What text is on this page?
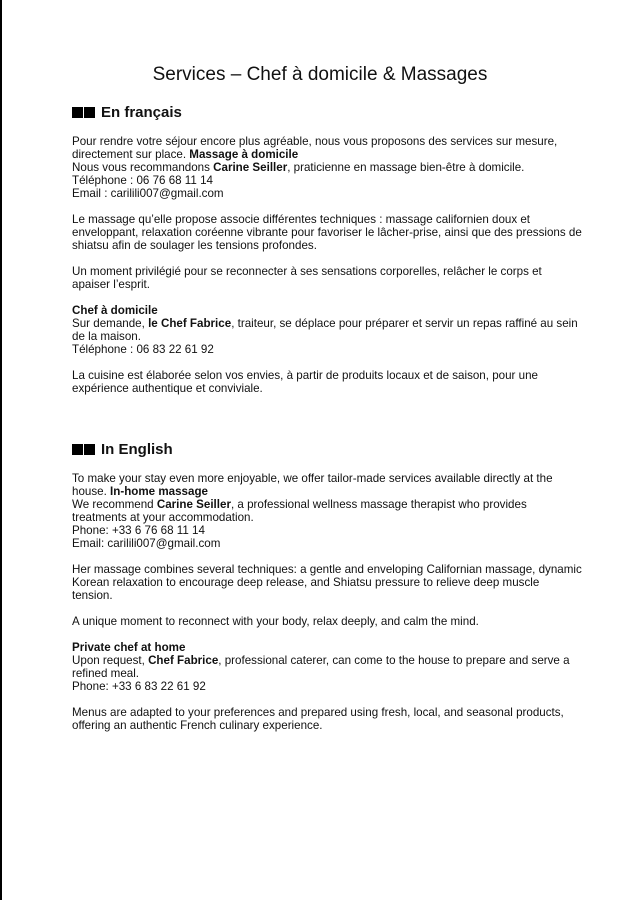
Services – Chef à domicile & Massages
En français

Pour rendre votre séjour encore plus agréable, nous vous proposons des services sur mesure, directement sur place. Massage à domicile
Nous vous recommandons Carine Seiller, praticienne en massage bien-être à domicile.
Téléphone : 06 76 68 11 14
Email : carilili007@gmail.com

Le massage qu’elle propose associe différentes techniques : massage californien doux et enveloppant, relaxation coréenne vibrante pour favoriser le lâcher-prise, ainsi que des pressions de shiatsu afin de soulager les tensions profondes.

Un moment privilégié pour se reconnecter à ses sensations corporelles, relâcher le corps et apaiser l’esprit.

Chef à domicile
Sur demande, le Chef Fabrice, traiteur, se déplace pour préparer et servir un repas raffiné au sein de la maison.
Téléphone : 06 83 22 61 92

La cuisine est élaborée selon vos envies, à partir de produits locaux et de saison, pour une expérience authentique et conviviale.

In English

To make your stay even more enjoyable, we offer tailor-made services available directly at the house. In-home massage
We recommend Carine Seiller, a professional wellness massage therapist who provides treatments at your accommodation.
Phone: +33 6 76 68 11 14
Email: carilili007@gmail.com

Her massage combines several techniques: a gentle and enveloping Californian massage, dynamic Korean relaxation to encourage deep release, and Shiatsu pressure to relieve deep muscle tension.

A unique moment to reconnect with your body, relax deeply, and calm the mind.

Private chef at home
Upon request, Chef Fabrice, professional caterer, can come to the house to prepare and serve a refined meal.
Phone: +33 6 83 22 61 92

Menus are adapted to your preferences and prepared using fresh, local, and seasonal products, offering an authentic French culinary experience.
